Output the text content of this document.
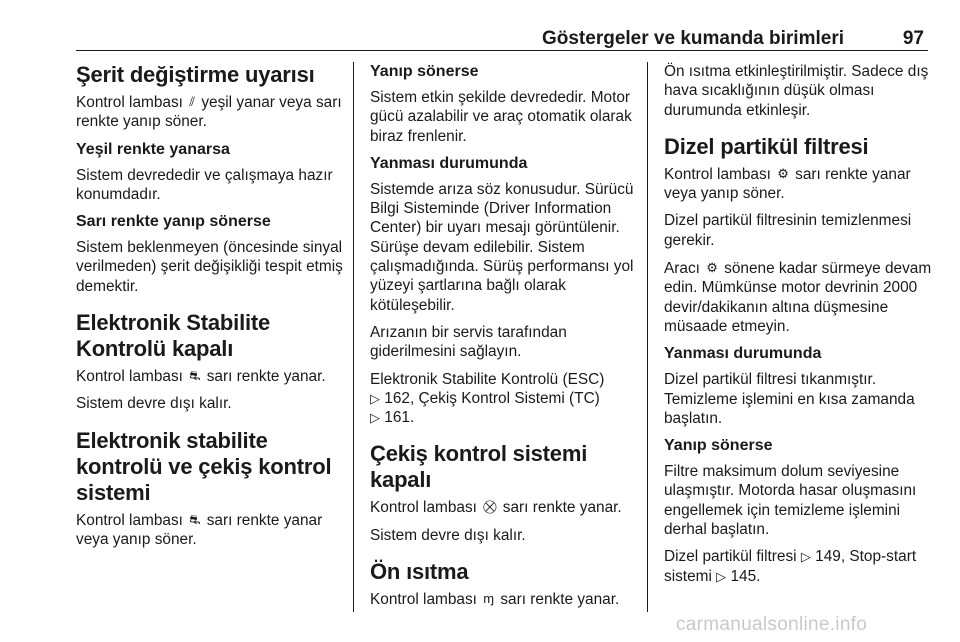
Göstergeler ve kumanda birimleri	97
Şerit değiştirme uyarısı

Kontrol lambası ⫽ yeşil yanar veya sarı renkte yanıp söner.

Yeşil renkte yanarsa

Sistem devrededir ve çalışmaya hazır konumdadır.

Sarı renkte yanıp sönerse

Sistem beklenmeyen (öncesinde sinyal verilmeden) şerit değişikliği tespit etmiş demektir.

Elektronik Stabilite Kontrolü kapalı

Kontrol lambası ⛐ sarı renkte yanar.

Sistem devre dışı kalır.

Elektronik stabilite kontrolü ve çekiş kontrol sistemi

Kontrol lambası ⛐ sarı renkte yanar veya yanıp söner.

Yanıp sönerse

Sistem etkin şekilde devrededir. Motor gücü azalabilir ve araç otomatik olarak biraz frenlenir.

Yanması durumunda

Sistemde arıza söz konusudur. Sürücü Bilgi Sisteminde (Driver Information Center) bir uyarı mesajı görüntülenir. Sürüşe devam edilebilir. Sistem çalışmadığında. Sürüş performansı yol yüzeyi şartlarına bağlı olarak kötüleşebilir.

Arızanın bir servis tarafından giderilmesini sağlayın.

Elektronik Stabilite Kontrolü (ESC)
▷ 162, Çekiş Kontrol Sistemi (TC)
▷ 161.

Çekiş kontrol sistemi kapalı

Kontrol lambası ⛒ sarı renkte yanar.

Sistem devre dışı kalır.

Ön ısıtma

Kontrol lambası ɱ sarı renkte yanar.

Ön ısıtma etkinleştirilmiştir. Sadece dış hava sıcaklığının düşük olması durumunda etkinleşir.

Dizel partikül filtresi

Kontrol lambası ⚙ sarı renkte yanar veya yanıp söner.

Dizel partikül filtresinin temizlenmesi gerekir.

Aracı ⚙ sönene kadar sürmeye devam edin. Mümkünse motor devrinin 2000 devir/dakikanın altına düşmesine müsaade etmeyin.

Yanması durumunda

Dizel partikül filtresi tıkanmıştır. Temizleme işlemini en kısa zamanda başlatın.

Yanıp sönerse

Filtre maksimum dolum seviyesine ulaşmıştır. Motorda hasar oluşmasını engellemek için temizleme işlemini derhal başlatın.

Dizel partikül filtresi ▷ 149, Stop-start sistemi ▷ 145.

carmanualsonline.info
